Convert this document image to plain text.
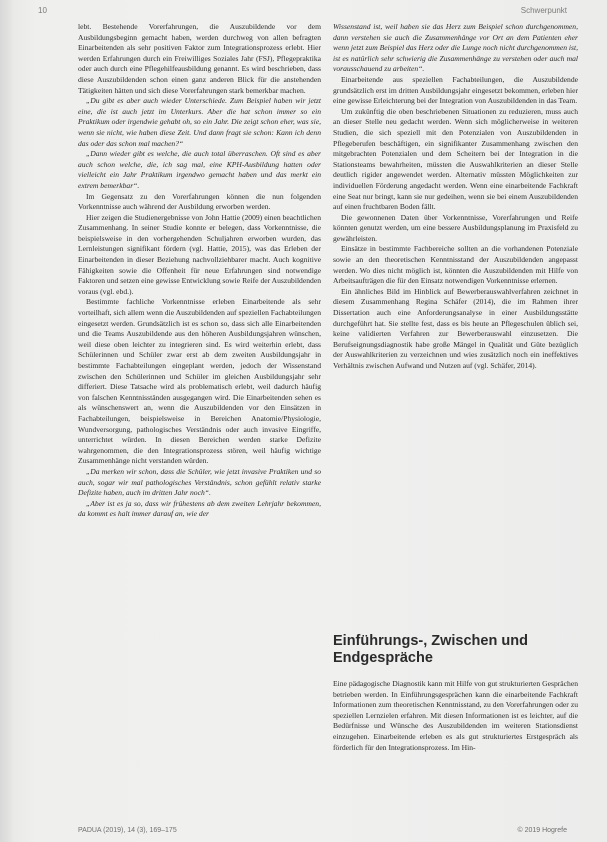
10	Schwerpunkt

lebt. Bestehende Vorerfahrungen, die Auszubildende vor dem Ausbildungsbeginn gemacht haben, werden durchweg von allen befragten Einarbeitenden als sehr positiven Faktor zum Integrationsprozess erlebt. Hier werden Erfahrungen durch ein Freiwilliges Soziales Jahr (FSJ), Pflegepraktika oder auch durch eine Pflegehilfeausbildung genannt. Es wird beschrieben, dass diese Auszubildenden schon einen ganz anderen Blick für die anstehenden Tätigkeiten hätten und sich diese Vorerfahrungen stark bemerkbar machen.

„Du gibt es aber auch wieder Unterschiede. Zum Beispiel haben wir jetzt eine, die ist auch jetzt im Unterkurs. Aber die hat schon immer so ein Praktikum oder irgendwie gehabt oh, so ein Jahr. Die zeigt schon eher, was sie, wenn sie nicht, wie haben diese Zeit. Und dann fragt sie schon: Kann ich denn das oder das schon mal machen?“

„Dann wieder gibt es welche, die auch total überraschen. Oft sind es aber auch schon welche, die, ich sag mal, eine KPH-Ausbildung hatten oder vielleicht ein Jahr Praktikum irgendwo gemacht haben und das merkt ein extrem bemerkbar“.

Im Gegensatz zu den Vorerfahrungen können die nun folgenden Vorkenntnisse auch während der Ausbildung erworben werden.

Hier zeigen die Studienergebnisse von John Hattie (2009) einen beachtlichen Zusammenhang. In seiner Studie konnte er belegen, dass Vorkenntnisse, die beispielsweise in den vorhergehenden Schuljahren erworben wurden, das Lernleistungen signifikant fördern (vgl. Hattie, 2015), was das Erleben der Einarbeitenden in dieser Beziehung nachvollziehbarer macht. Auch kognitive Fähigkeiten sowie die Offenheit für neue Erfahrungen sind notwendige Faktoren und setzen eine gewisse Entwicklung sowie Reife der Auszubildenden voraus (vgl. ebd.).

Bestimmte fachliche Vorkenntnisse erleben Einarbeitende als sehr vorteilhaft, sich allem wenn die Auszubildenden auf speziellen Fachabteilungen eingesetzt werden. Grundsätzlich ist es schon so, dass sich alle Einarbeitenden und die Teams Auszubildende aus den höheren Ausbildungsjahren wünschen, weil diese oben leichter zu integrieren sind. Es wird weiterhin erlebt, dass Schülerinnen und Schüler zwar erst ab dem zweiten Ausbildungsjahr in bestimmte Fachabteilungen eingeplant werden, jedoch der Wissenstand zwischen den Schülerinnen und Schüler im gleichen Ausbildungsjahr sehr differiert. Diese Tatsache wird als problematisch erlebt, weil dadurch häufig von falschen Kenntnisständen ausgegangen wird. Die Einarbeitenden sehen es als wünschenswert an, wenn die Auszubildenden vor den Einsätzen in Fachabteilungen, beispielsweise in Bereichen Anatomie/Physiologie, Wundversorgung, pathologisches Verständnis oder auch invasive Eingriffe, unterrichtet würden. In diesen Bereichen werden starke Defizite wahrgenommen, die den Integrationsprozess stören, weil häufig wichtige Zusammenhänge nicht verstanden würden.

„Da merken wir schon, dass die Schüler, wie jetzt invasive Praktiken und so auch, sogar wir mal pathologisches Verständnis, schon gefühlt relativ starke Defizite haben, auch im dritten Jahr noch“.

„Aber ist es ja so, dass wir frühestens ab dem zweiten Lehrjahr bekommen, da kommt es halt immer darauf an, wie der

Wissenstand ist, weil haben sie das Herz zum Beispiel schon durchgenommen, dann verstehen sie auch die Zusammenhänge vor Ort an dem Patienten eher wenn jetzt zum Beispiel das Herz oder die Lunge noch nicht durchgenommen ist, ist es natürlich sehr schwierig die Zusammenhänge zu verstehen oder auch mal vorausschauend zu arbeiten“.

Einarbeitende aus speziellen Fachabteilungen, die Auszubildende grundsätzlich erst im dritten Ausbildungsjahr eingesetzt bekommen, erleben hier eine gewisse Erleichterung bei der Integration von Auszubildenden in das Team.

Um zukünftig die oben beschriebenen Situationen zu reduzieren, muss auch an dieser Stelle neu gedacht werden. Wenn sich möglicherweise in weiteren Studien, die sich speziell mit den Potenzialen von Auszubildenden in Pflegeberufen beschäftigen, ein signifikanter Zusammenhang zwischen den mitgebrachten Potenzialen und dem Scheitern bei der Integration in die Stationsteams bewahrheiten, müssten die Auswahlkriterien an dieser Stelle deutlich rigider angewendet werden. Alternativ müssten Möglichkeiten zur individuellen Förderung angedacht werden. Wenn eine einarbeitende Fachkraft eine Seat nur bringt, kann sie nur gedeihen, wenn sie bei einem Auszubildenden auf einen fruchtbaren Boden fällt.

Die gewonnenen Daten über Vorkenntnisse, Vorerfahrungen und Reife könnten genutzt werden, um eine bessere Ausbildungsplanung im Praxisfeld zu gewährleisten.

Einsätze in bestimmte Fachbereiche sollten an die vorhandenen Potenziale sowie an den theoretischen Kenntnisstand der Auszubildenden angepasst werden. Wo dies nicht möglich ist, könnten die Auszubildenden mit Hilfe von Arbeitsaufträgen die für den Einsatz notwendigen Vorkenntnisse erlernen.

Ein ähnliches Bild im Hinblick auf Bewerberauswahlverfahren zeichnet in diesem Zusammenhang Regina Schäfer (2014), die im Rahmen ihrer Dissertation auch eine Anforderungsanalyse in einer Ausbildungsstätte durchgeführt hat. Sie stellte fest, dass es bis heute an Pflegeschulen üblich sei, keine validierten Verfahren zur Bewerberauswahl einzusetzen. Die Berufseignungsdiagnostik habe große Mängel in Qualität und Güte bezüglich der Auswahlkriterien zu verzeichnen und wies zusätzlich noch ein ineffektives Verhältnis zwischen Aufwand und Nutzen auf (vgl. Schäfer, 2014).

Einführungs-, Zwischen und Endgespräche

Eine pädagogische Diagnostik kann mit Hilfe von gut strukturierten Gesprächen betrieben werden. In Einführungsgesprächen kann die einarbeitende Fachkraft Informationen zum theoretischen Kenntnisstand, zu den Vorerfahrungen oder zu speziellen Lernzielen erfahren. Mit diesen Informationen ist es leichter, auf die Bedürfnisse und Wünsche des Auszubildenden im weiteren Stationsdienst einzugehen. Einarbeitende erleben es als gut strukturiertes Erstgespräch als förderlich für den Integrationsprozess. Im Hin-

PADUA (2019), 14 (3), 169–175	© 2019 Hogrefe
